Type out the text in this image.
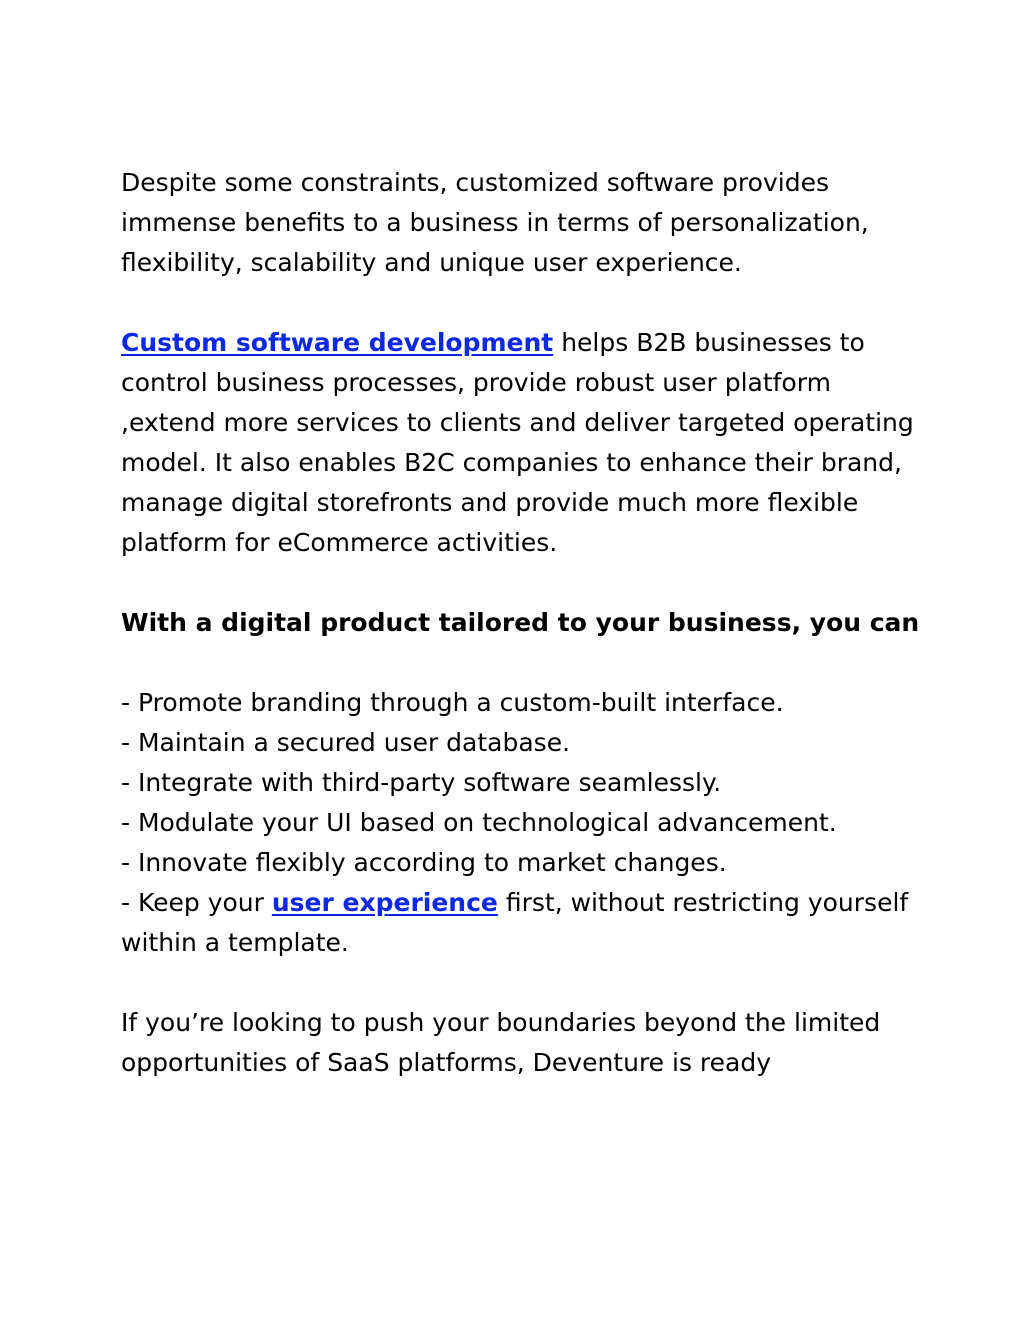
Despite some constraints, customized software provides immense benefits to a business in terms of personalization, flexibility, scalability and unique user experience.

Custom software development helps B2B businesses to control business processes, provide robust user platform ,extend more services to clients and deliver targeted operating model. It also enables B2C companies to enhance their brand, manage digital storefronts and provide much more flexible platform for eCommerce activities.

With a digital product tailored to your business, you can
- Promote branding through a custom-built interface.
- Maintain a secured user database.
- Integrate with third-party software seamlessly.
- Modulate your UI based on technological advancement.
- Innovate flexibly according to market changes.
- Keep your user experience first, without restricting yourself within a template.

If you’re looking to push your boundaries beyond the limited opportunities of SaaS platforms, Deventure is ready
